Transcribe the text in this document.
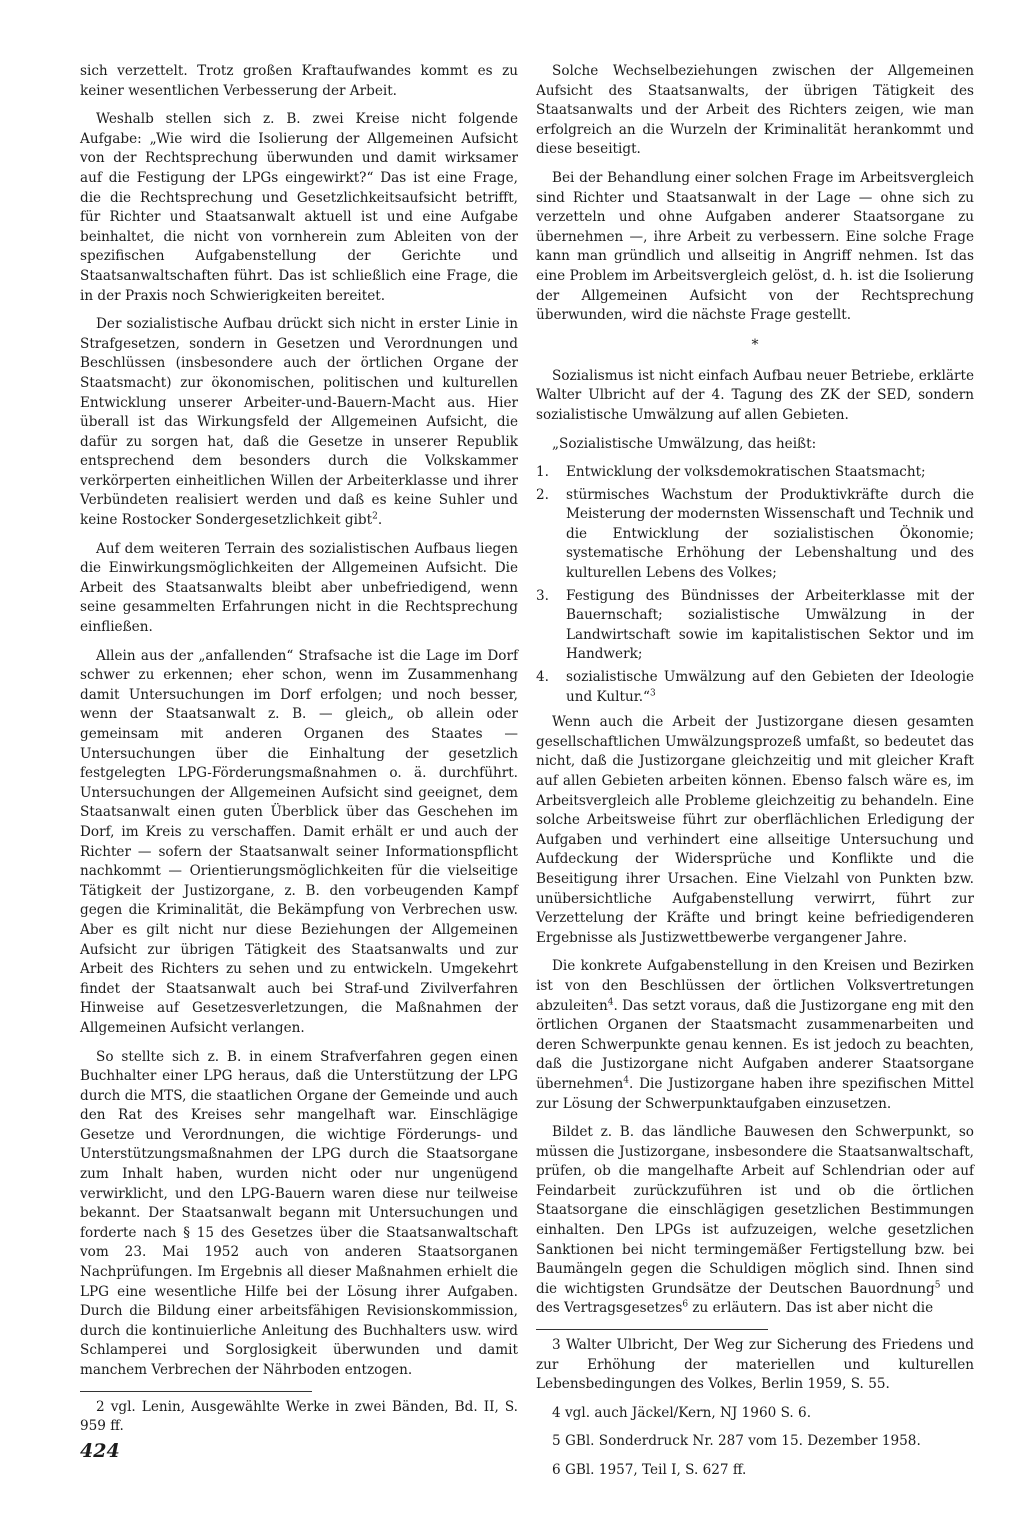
sich verzettelt. Trotz großen Kraftaufwandes kommt es zu keiner wesentlichen Verbesserung der Arbeit.

Weshalb stellen sich z. B. zwei Kreise nicht folgende Aufgabe: „Wie wird die Isolierung der Allgemeinen Aufsicht von der Rechtsprechung überwunden und damit wirksamer auf die Festigung der LPGs eingewirkt?“ Das ist eine Frage, die die Rechtsprechung und Gesetzlichkeitsaufsicht betrifft, für Richter und Staatsanwalt aktuell ist und eine Aufgabe beinhaltet, die nicht von vornherein zum Ableiten von der spezifischen Aufgabenstellung der Gerichte und Staatsanwaltschaften führt. Das ist schließlich eine Frage, die in der Praxis noch Schwierigkeiten bereitet.

Der sozialistische Aufbau drückt sich nicht in erster Linie in Strafgesetzen, sondern in Gesetzen und Verordnungen und Beschlüssen (insbesondere auch der örtlichen Organe der Staatsmacht) zur ökonomischen, politischen und kulturellen Entwicklung unserer Arbeiter-und-Bauern-Macht aus. Hier überall ist das Wirkungsfeld der Allgemeinen Aufsicht, die dafür zu sorgen hat, daß die Gesetze in unserer Republik entsprechend dem besonders durch die Volkskammer verkörperten einheitlichen Willen der Arbeiterklasse und ihrer Verbündeten realisiert werden und daß es keine Suhler und keine Rostocker Sondergesetzlichkeit gibt$^2$.

Auf dem weiteren Terrain des sozialistischen Aufbaus liegen die Einwirkungsmöglichkeiten der Allgemeinen Aufsicht. Die Arbeit des Staatsanwalts bleibt aber unbefriedigend, wenn seine gesammelten Erfahrungen nicht in die Rechtsprechung einfließen.

Allein aus der „anfallenden“ Strafsache ist die Lage im Dorf schwer zu erkennen; eher schon, wenn im Zusammenhang damit Untersuchungen im Dorf erfolgen; und noch besser, wenn der Staatsanwalt z. B. — gleich„ ob allein oder gemeinsam mit anderen Organen des Staates — Untersuchungen über die Einhaltung der gesetzlich festgelegten LPG-Förderungsmaßnahmen o. ä. durchführt. Untersuchungen der Allgemeinen Aufsicht sind geeignet, dem Staatsanwalt einen guten Überblick über das Geschehen im Dorf, im Kreis zu verschaffen. Damit erhält er und auch der Richter — sofern der Staatsanwalt seiner Informationspflicht nachkommt — Orientierungsmöglichkeiten für die vielseitige Tätigkeit der Justizorgane, z. B. den vorbeugenden Kampf gegen die Kriminalität, die Bekämpfung von Verbrechen usw. Aber es gilt nicht nur diese Beziehungen der Allgemeinen Aufsicht zur übrigen Tätigkeit des Staatsanwalts und zur Arbeit des Richters zu sehen und zu entwickeln. Umgekehrt findet der Staatsanwalt auch bei Straf-und Zivilverfahren Hinweise auf Gesetzesverletzungen, die Maßnahmen der Allgemeinen Aufsicht verlangen.

So stellte sich z. B. in einem Strafverfahren gegen einen Buchhalter einer LPG heraus, daß die Unterstützung der LPG durch die MTS, die staatlichen Organe der Gemeinde und auch den Rat des Kreises sehr mangelhaft war. Einschlägige Gesetze und Verordnungen, die wichtige Förderungs- und Unterstützungsmaßnahmen der LPG durch die Staatsorgane zum Inhalt haben, wurden nicht oder nur ungenügend verwirklicht, und den LPG-Bauern waren diese nur teilweise bekannt. Der Staatsanwalt begann mit Untersuchungen und forderte nach § 15 des Gesetzes über die Staatsanwaltschaft vom 23. Mai 1952 auch von anderen Staatsorganen Nachprüfungen. Im Ergebnis all dieser Maßnahmen erhielt die LPG eine wesentliche Hilfe bei der Lösung ihrer Aufgaben. Durch die Bildung einer arbeitsfähigen Revisionskommission, durch die kontinuierliche Anleitung des Buchhalters usw. wird Schlamperei und Sorglosigkeit überwunden und damit manchem Verbrechen der Nährboden entzogen.

2 vgl. Lenin, Ausgewählte Werke in zwei Bänden, Bd. II, S. 959 ff.

Solche Wechselbeziehungen zwischen der Allgemeinen Aufsicht des Staatsanwalts, der übrigen Tätigkeit des Staatsanwalts und der Arbeit des Richters zeigen, wie man erfolgreich an die Wurzeln der Kriminalität herankommt und diese beseitigt.

Bei der Behandlung einer solchen Frage im Arbeitsvergleich sind Richter und Staatsanwalt in der Lage — ohne sich zu verzetteln und ohne Aufgaben anderer Staatsorgane zu übernehmen —, ihre Arbeit zu verbessern. Eine solche Frage kann man gründlich und allseitig in Angriff nehmen. Ist das eine Problem im Arbeitsvergleich gelöst, d. h. ist die Isolierung der Allgemeinen Aufsicht von der Rechtsprechung überwunden, wird die nächste Frage gestellt.

*

Sozialismus ist nicht einfach Aufbau neuer Betriebe, erklärte Walter Ulbricht auf der 4. Tagung des ZK der SED, sondern sozialistische Umwälzung auf allen Gebieten.

„Sozialistische Umwälzung, das heißt:

1. Entwicklung der volksdemokratischen Staatsmacht;
2. stürmisches Wachstum der Produktivkräfte durch die Meisterung der modernsten Wissenschaft und Technik und die Entwicklung der sozialistischen Ökonomie; systematische Erhöhung der Lebenshaltung und des kulturellen Lebens des Volkes;
3. Festigung des Bündnisses der Arbeiterklasse mit der Bauernschaft; sozialistische Umwälzung in der Landwirtschaft sowie im kapitalistischen Sektor und im Handwerk;
4. sozialistische Umwälzung auf den Gebieten der Ideologie und Kultur.“$^3$

Wenn auch die Arbeit der Justizorgane diesen gesamten gesellschaftlichen Umwälzungsprozeß umfaßt, so bedeutet das nicht, daß die Justizorgane gleichzeitig und mit gleicher Kraft auf allen Gebieten arbeiten können. Ebenso falsch wäre es, im Arbeitsvergleich alle Probleme gleichzeitig zu behandeln. Eine solche Arbeitsweise führt zur oberflächlichen Erledigung der Aufgaben und verhindert eine allseitige Untersuchung und Aufdeckung der Widersprüche und Konflikte und die Beseitigung ihrer Ursachen. Eine Vielzahl von Punkten bzw. unübersichtliche Aufgabenstellung verwirrt, führt zur Verzettelung der Kräfte und bringt keine befriedigenderen Ergebnisse als Justizwettbewerbe vergangener Jahre.

Die konkrete Aufgabenstellung in den Kreisen und Bezirken ist von den Beschlüssen der örtlichen Volksvertretungen abzuleiten$^4$. Das setzt voraus, daß die Justizorgane eng mit den örtlichen Organen der Staatsmacht zusammenarbeiten und deren Schwerpunkte genau kennen. Es ist jedoch zu beachten, daß die Justizorgane nicht Aufgaben anderer Staatsorgane übernehmen$^4$. Die Justizorgane haben ihre spezifischen Mittel zur Lösung der Schwerpunktaufgaben einzusetzen.

Bildet z. B. das ländliche Bauwesen den Schwerpunkt, so müssen die Justizorgane, insbesondere die Staatsanwaltschaft, prüfen, ob die mangelhafte Arbeit auf Schlendrian oder auf Feindarbeit zurückzuführen ist und ob die örtlichen Staatsorgane die einschlägigen gesetzlichen Bestimmungen einhalten. Den LPGs ist aufzuzeigen, welche gesetzlichen Sanktionen bei nicht termingemäßer Fertigstellung bzw. bei Baumängeln gegen die Schuldigen möglich sind. Ihnen sind die wichtigsten Grundsätze der Deutschen Bauordnung$^5$ und des Vertragsgesetzes$^6$ zu erläutern. Das ist aber nicht die

3 Walter Ulbricht, Der Weg zur Sicherung des Friedens und zur Erhöhung der materiellen und kulturellen Lebensbedingungen des Volkes, Berlin 1959, S. 55.

4 vgl. auch Jäckel/Kern, NJ 1960 S. 6.

5 GBl. Sonderdruck Nr. 287 vom 15. Dezember 1958.

6 GBl. 1957, Teil I, S. 627 ff.

424
